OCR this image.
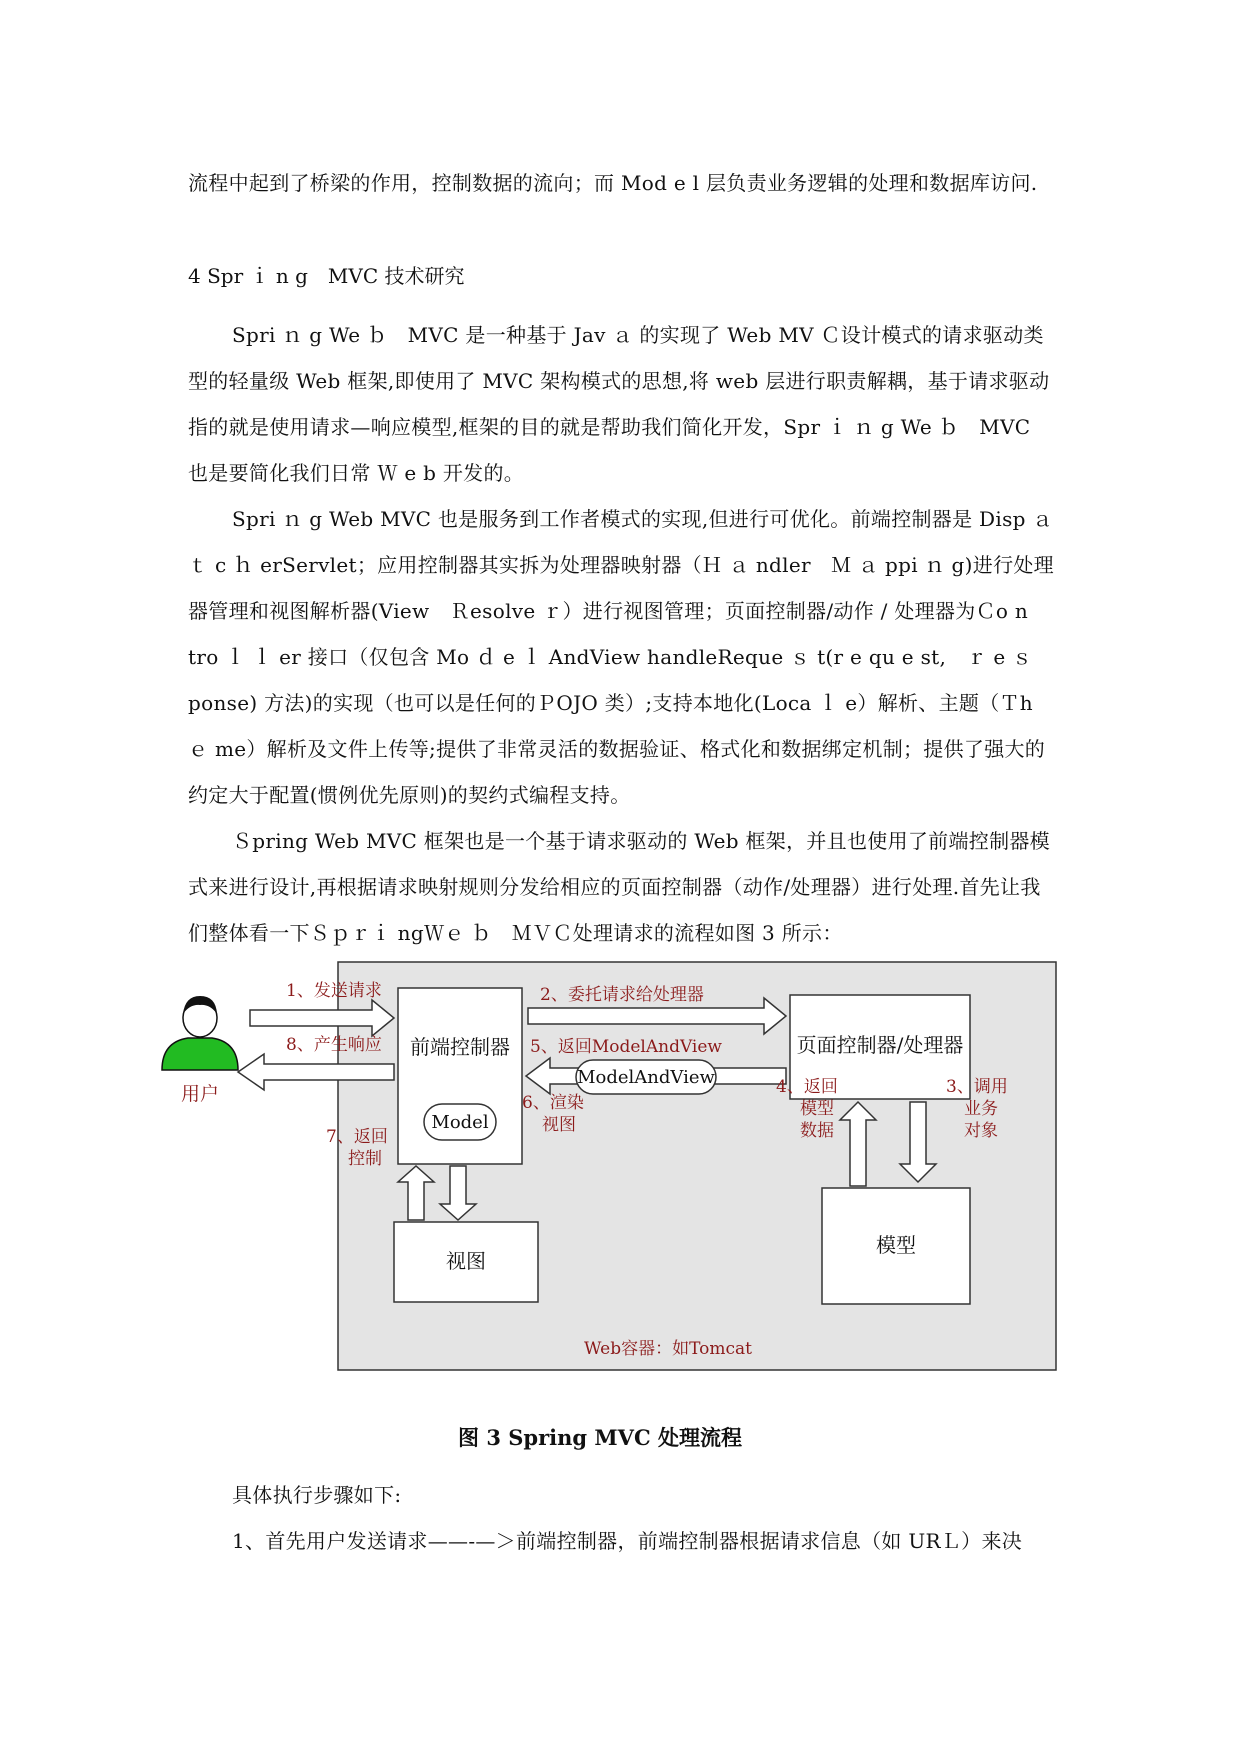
流程中起到了桥梁的作用，控制数据的流向；而 Mod e l 层负责业务逻辑的处理和数据库访问.

4 Spr ｉ n g　MVC 技术研究

Spri ｎ g We ｂ　MVC 是一种基于 Jav ａ 的实现了 Web MV Ｃ设计模式的请求驱动类型的轻量级 Web 框架,即使用了 MVC 架构模式的思想,将 web 层进行职责解耦，基于请求驱动指的就是使用请求—响应模型,框架的目的就是帮助我们简化开发，Spr ｉ ｎ g We ｂ　MVC 也是要简化我们日常 Ｗ e b 开发的。

Spri ｎ g Web MVC 也是服务到工作者模式的实现,但进行可优化。前端控制器是 Disp ａ ｔ c ｈ erServlet；应用控制器其实拆为处理器映射器（Ｈ ａ ndler　Ｍ ａ ppi ｎ g)进行处理器管理和视图解析器(View　Ｒesolve ｒ）进行视图管理；页面控制器/动作 / 处理器为Ｃo n tro ｌ ｌ er 接口（仅包含 Mo ｄ e ｌ AndView handleReque ｓ t(r e qu e st,　ｒ e ｓ ponse) 方法)的实现（也可以是任何的ＰOJO 类）;支持本地化(Loca ｌ e）解析、主题（Ｔh ｅ me）解析及文件上传等;提供了非常灵活的数据验证、格式化和数据绑定机制；提供了强大的约定大于配置(惯例优先原则)的契约式编程支持。

Ｓpring Web MVC 框架也是一个基于请求驱动的 Web 框架，并且也使用了前端控制器模式来进行设计,再根据请求映射规则分发给相应的页面控制器（动作/处理器）进行处理.首先让我们整体看一下Ｓｐｒｉ ngＷｅ ｂ　ＭＶＣ处理请求的流程如图 3 所示：

Web容器：如Tomcat
用户
前端控制器	页面控制器/处理器
模型
视图
1、发送请求
8、产生响应
2、委托请求给处理器
5、返回ModelAndView
ModelAndView
Model
6、渲染
视图
7、返回
控制
3、调用
业务
对象
4、返回
模型
数据

图 3 Spring MVC 处理流程

具体执行步骤如下:

1、首先用户发送请求——-—＞前端控制器，前端控制器根据请求信息（如 URＬ）来决
